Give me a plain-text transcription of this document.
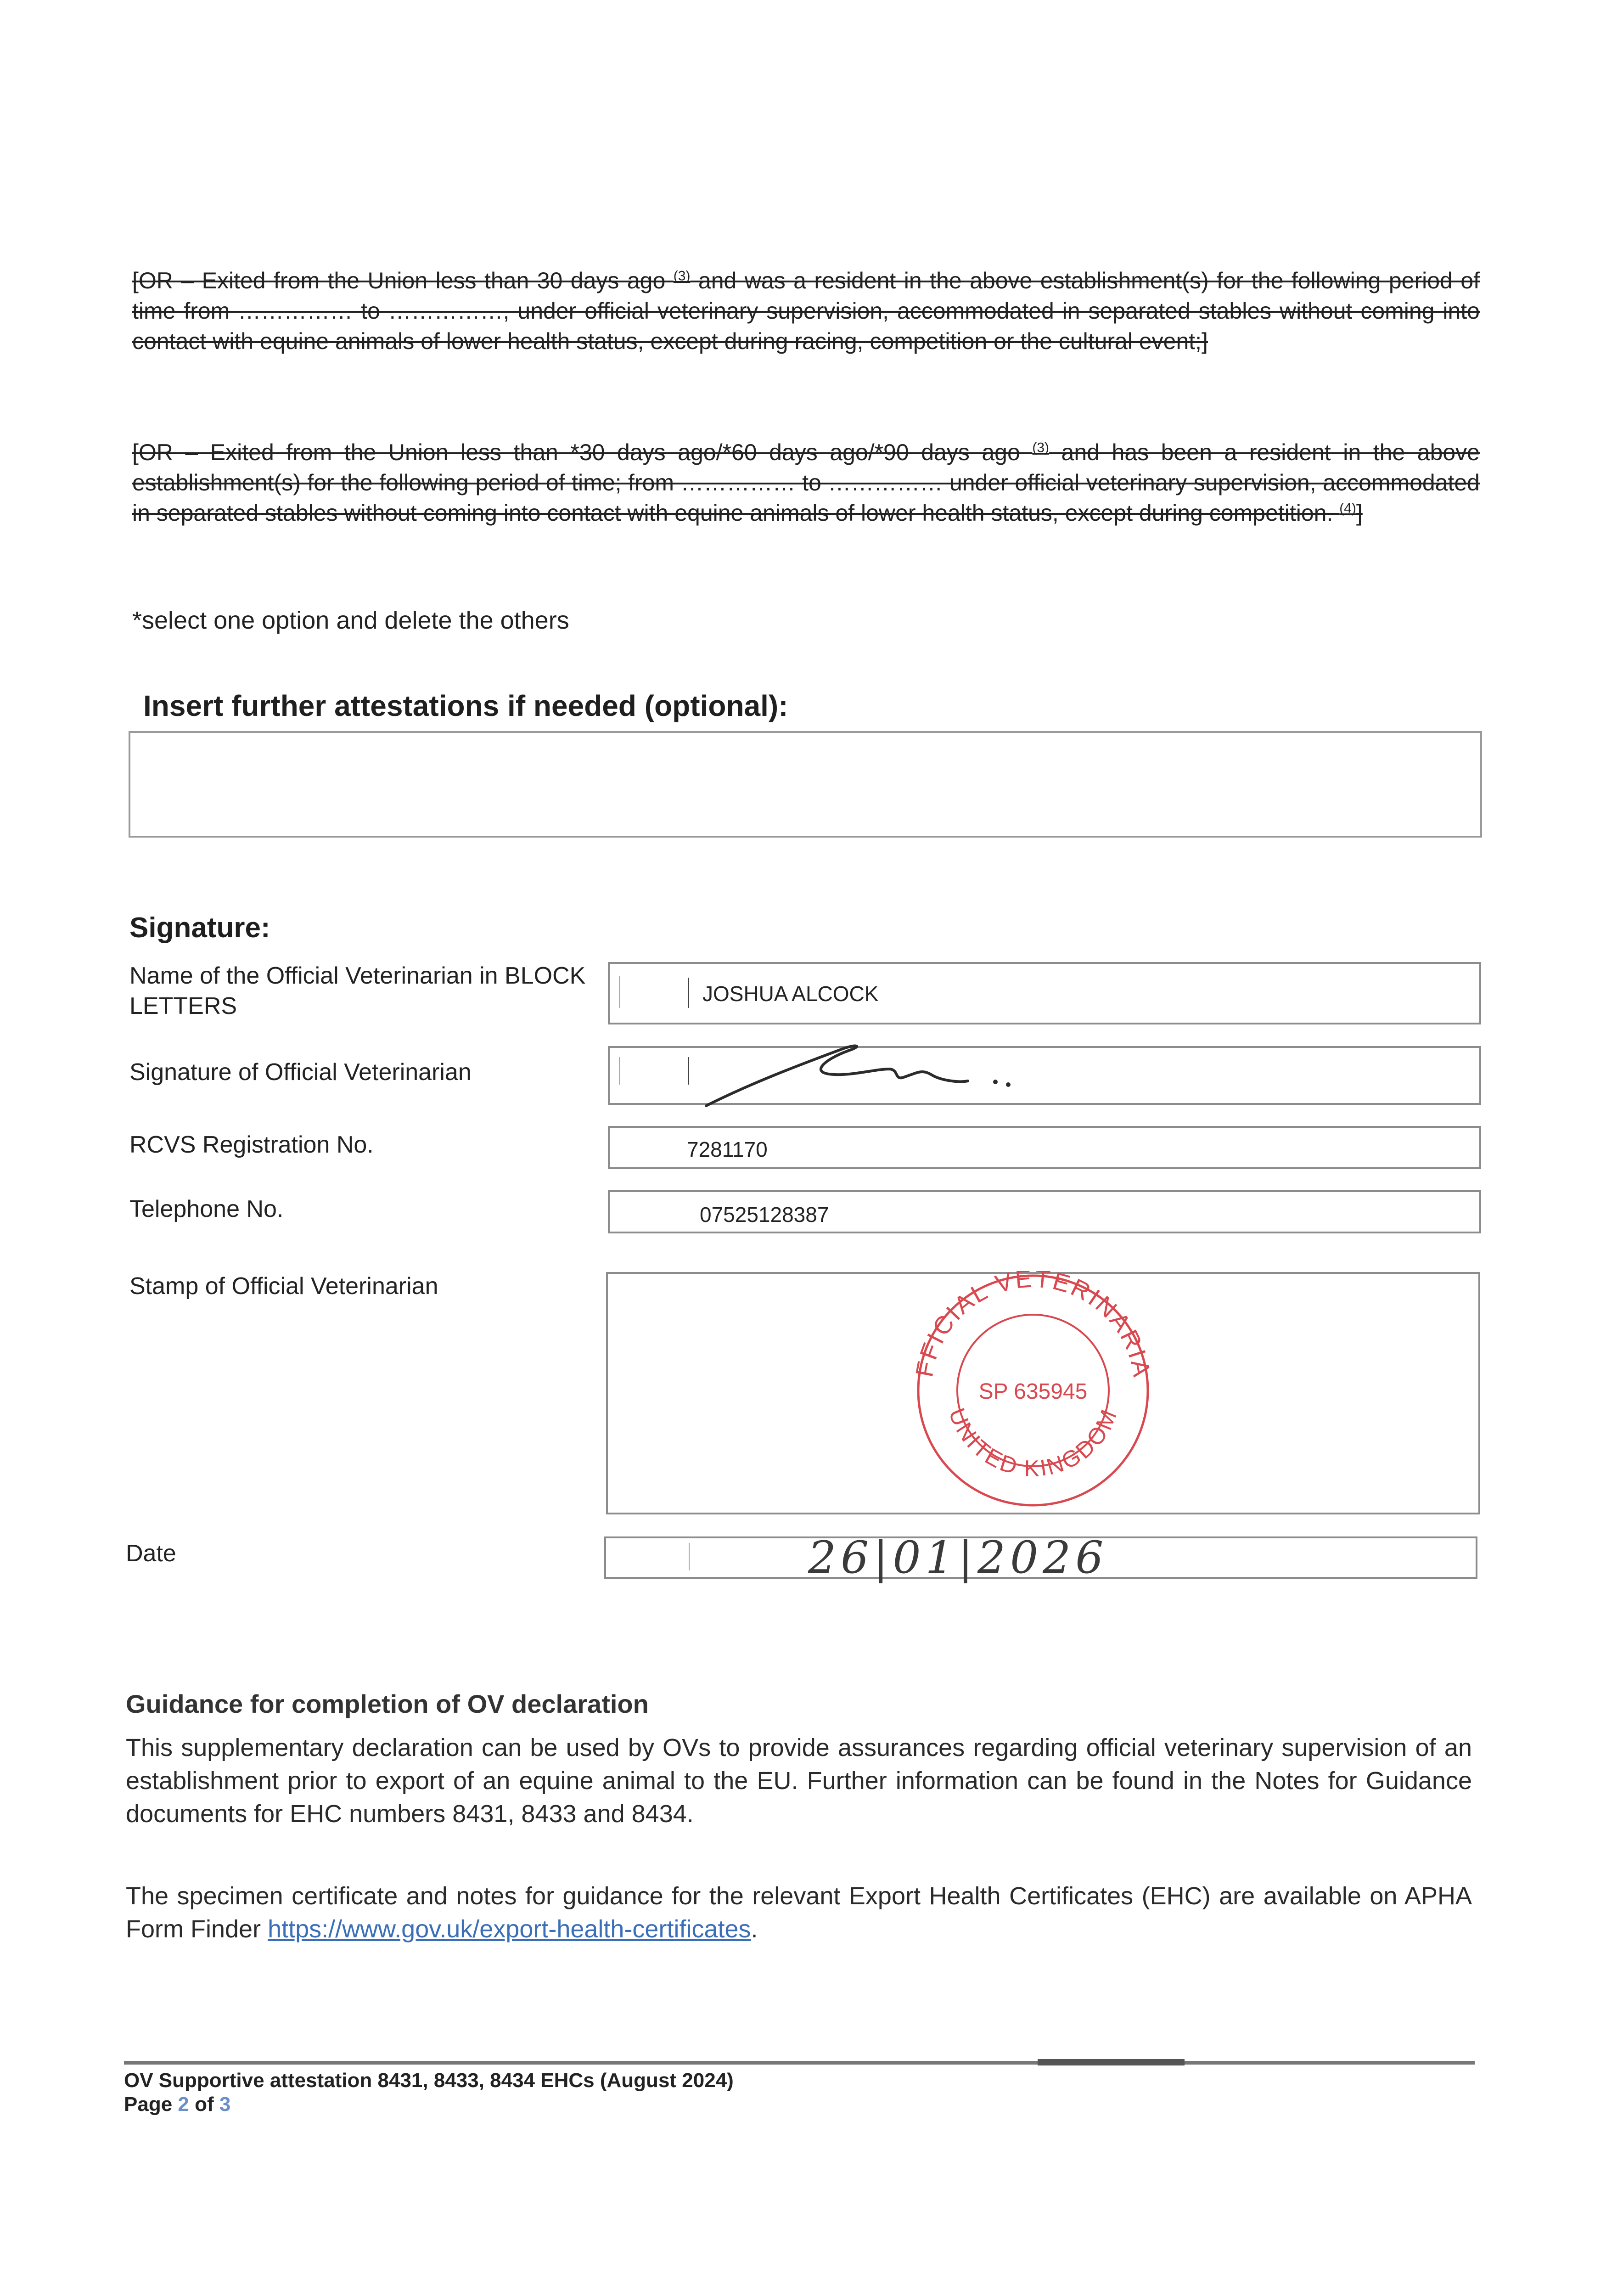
[OR – Exited from the Union less than 30 days ago $^{(3)}$ and was a resident in the above establishment(s) for the following period of time from …………… to ……………, under official veterinary supervision, accommodated in separated stables without coming into contact with equine animals of lower health status, except during racing, competition or the cultural event;]
[OR – Exited from the Union less than *30 days ago/*60 days ago/*90 days ago $^{(3)}$ and has been a resident in the above establishment(s) for the following period of time; from …………… to …………… under official veterinary supervision, accommodated in separated stables without coming into contact with equine animals of lower health status, except during competition. $^{(4)}$]
*select one option and delete the others
Insert further attestations if needed (optional):
Signature:
Name of the Official Veterinarian in BLOCK LETTERS	JOSHUA ALCOCK
Signature of Official Veterinarian
RCVS Registration No.	7281170
Telephone No.	07525128387
Stamp of Official Veterinarian
FFICIAL VETERINARIA
UNITED KINGDOM
SP 635945
Date	26|01|2026
Guidance for completion of OV declaration
This supplementary declaration can be used by OVs to provide assurances regarding official veterinary supervision of an establishment prior to export of an equine animal to the EU. Further information can be found in the Notes for Guidance documents for EHC numbers 8431, 8433 and 8434.
The specimen certificate and notes for guidance for the relevant Export Health Certificates (EHC) are available on APHA Form Finder https://www.gov.uk/export-health-certificates.
OV Supportive attestation 8431, 8433, 8434 EHCs (August 2024)
Page 2 of 3
